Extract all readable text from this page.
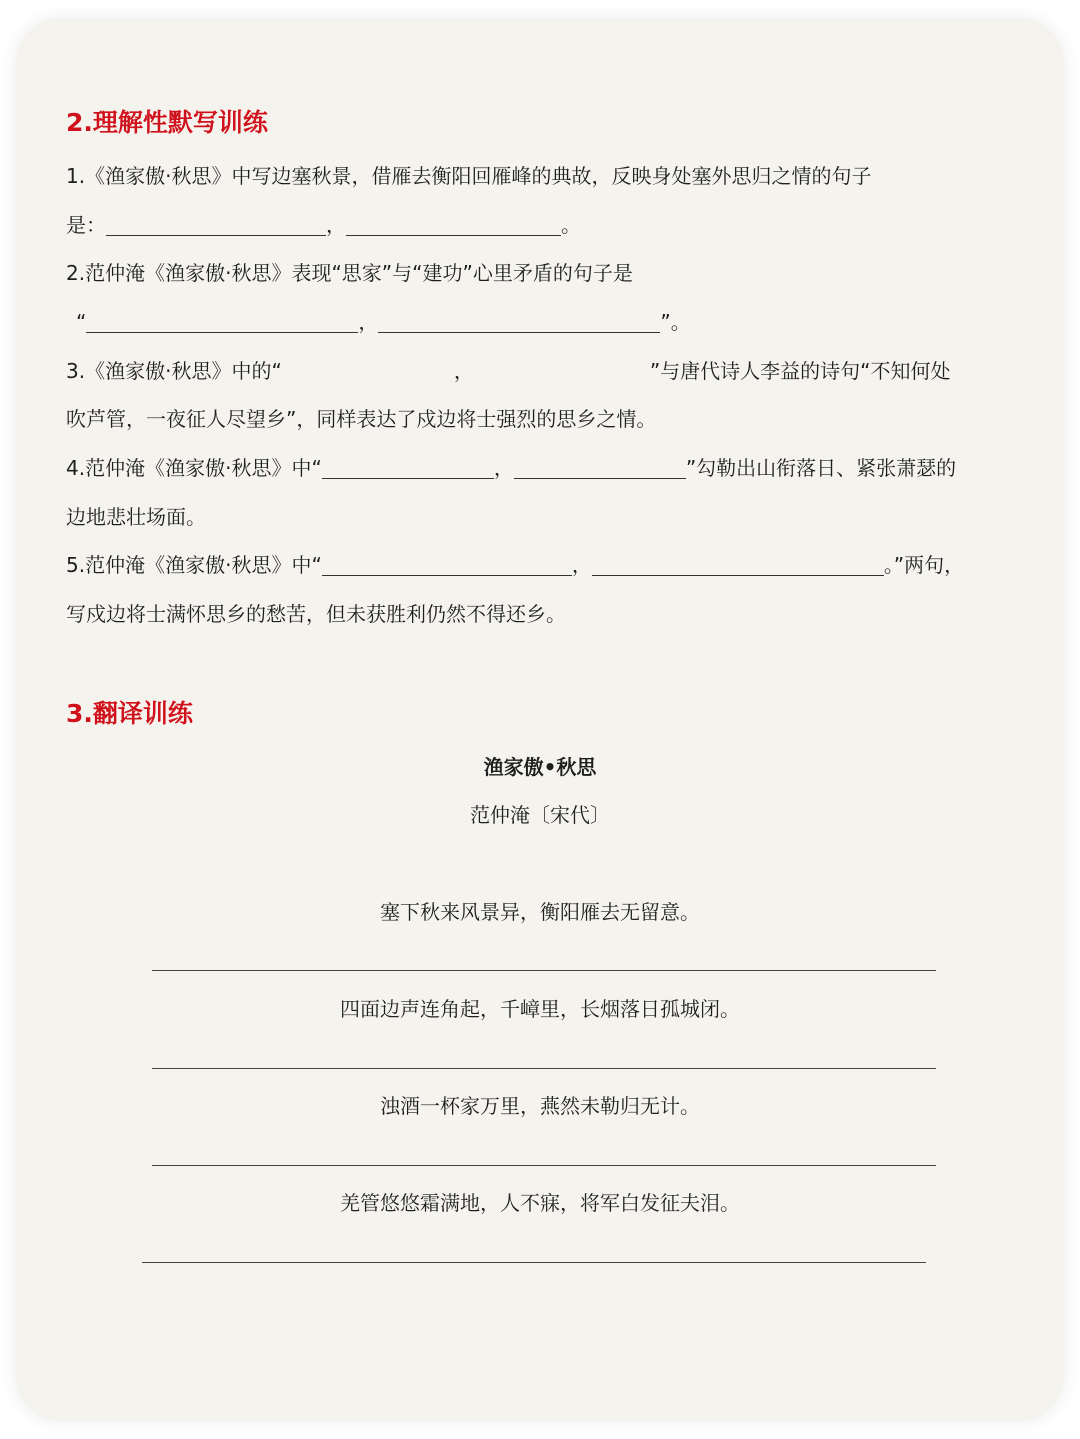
2.理解性默写训练
1.《渔家傲·秋思》中写边塞秋景，借雁去衡阳回雁峰的典故，反映身处塞外思归之情的句子
是：	，	。
2.范仲淹《渔家傲·秋思》表现“思家”与“建功”心里矛盾的句子是
“	，	”。
3.《渔家傲·秋思》中的“	，	”与唐代诗人李益的诗句“不知何处
吹芦管，一夜征人尽望乡”，同样表达了戍边将士强烈的思乡之情。
4.范仲淹《渔家傲·秋思》中“	，	”勾勒出山衔落日、紧张萧瑟的
边地悲壮场面。
5.范仲淹《渔家傲·秋思》中“	，	。”两句，
写戍边将士满怀思乡的愁苦，但未获胜利仍然不得还乡。
3.翻译训练
渔家傲•秋思
范仲淹〔宋代〕
塞下秋来风景异，衡阳雁去无留意。
四面边声连角起，千嶂里，长烟落日孤城闭。
浊酒一杯家万里，燕然未勒归无计。
羌管悠悠霜满地，人不寐，将军白发征夫泪。
